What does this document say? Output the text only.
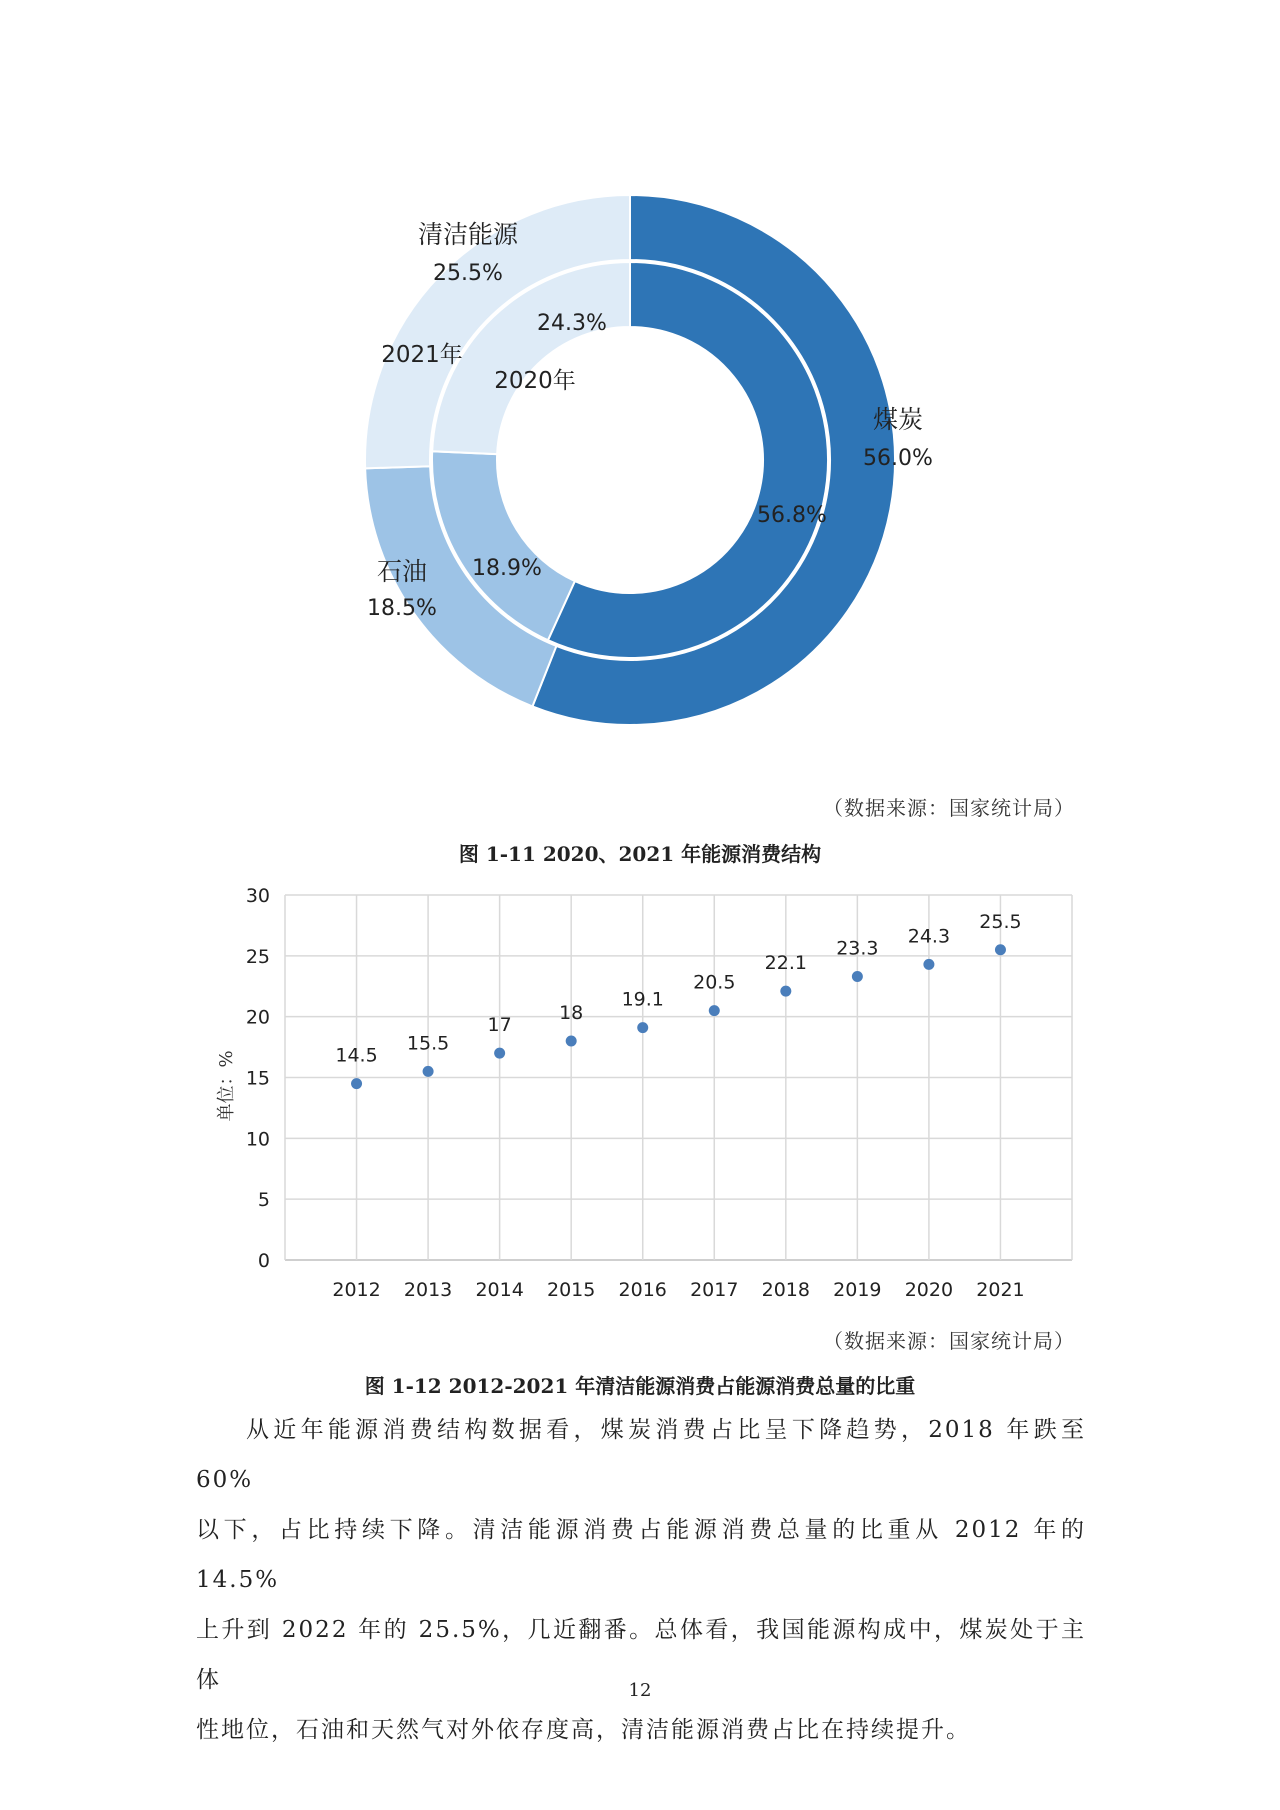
清洁能源
25.5%
煤炭
56.0%
石油
18.5%
24.3%
56.8%
18.9%
2021年
2020年
（数据来源：国家统计局）
图 1-11 2020、2021 年能源消费结构
0
5
10
15
20
25
30
2012 2013 2014 2015 2016 2017 2018 2019 2020 2021
14.5
15.5
17
18
19.1
20.5
22.1
23.3
24.3
25.5
单位：%
（数据来源：国家统计局）
图 1-12 2012-2021 年清洁能源消费占能源消费总量的比重
从近年能源消费结构数据看，煤炭消费占比呈下降趋势，2018 年跌至 60%
以下，占比持续下降。清洁能源消费占能源消费总量的比重从 2012 年的 14.5%
上升到 2022 年的 25.5%，几近翻番。总体看，我国能源构成中，煤炭处于主体
性地位，石油和天然气对外依存度高，清洁能源消费占比在持续提升。
12
